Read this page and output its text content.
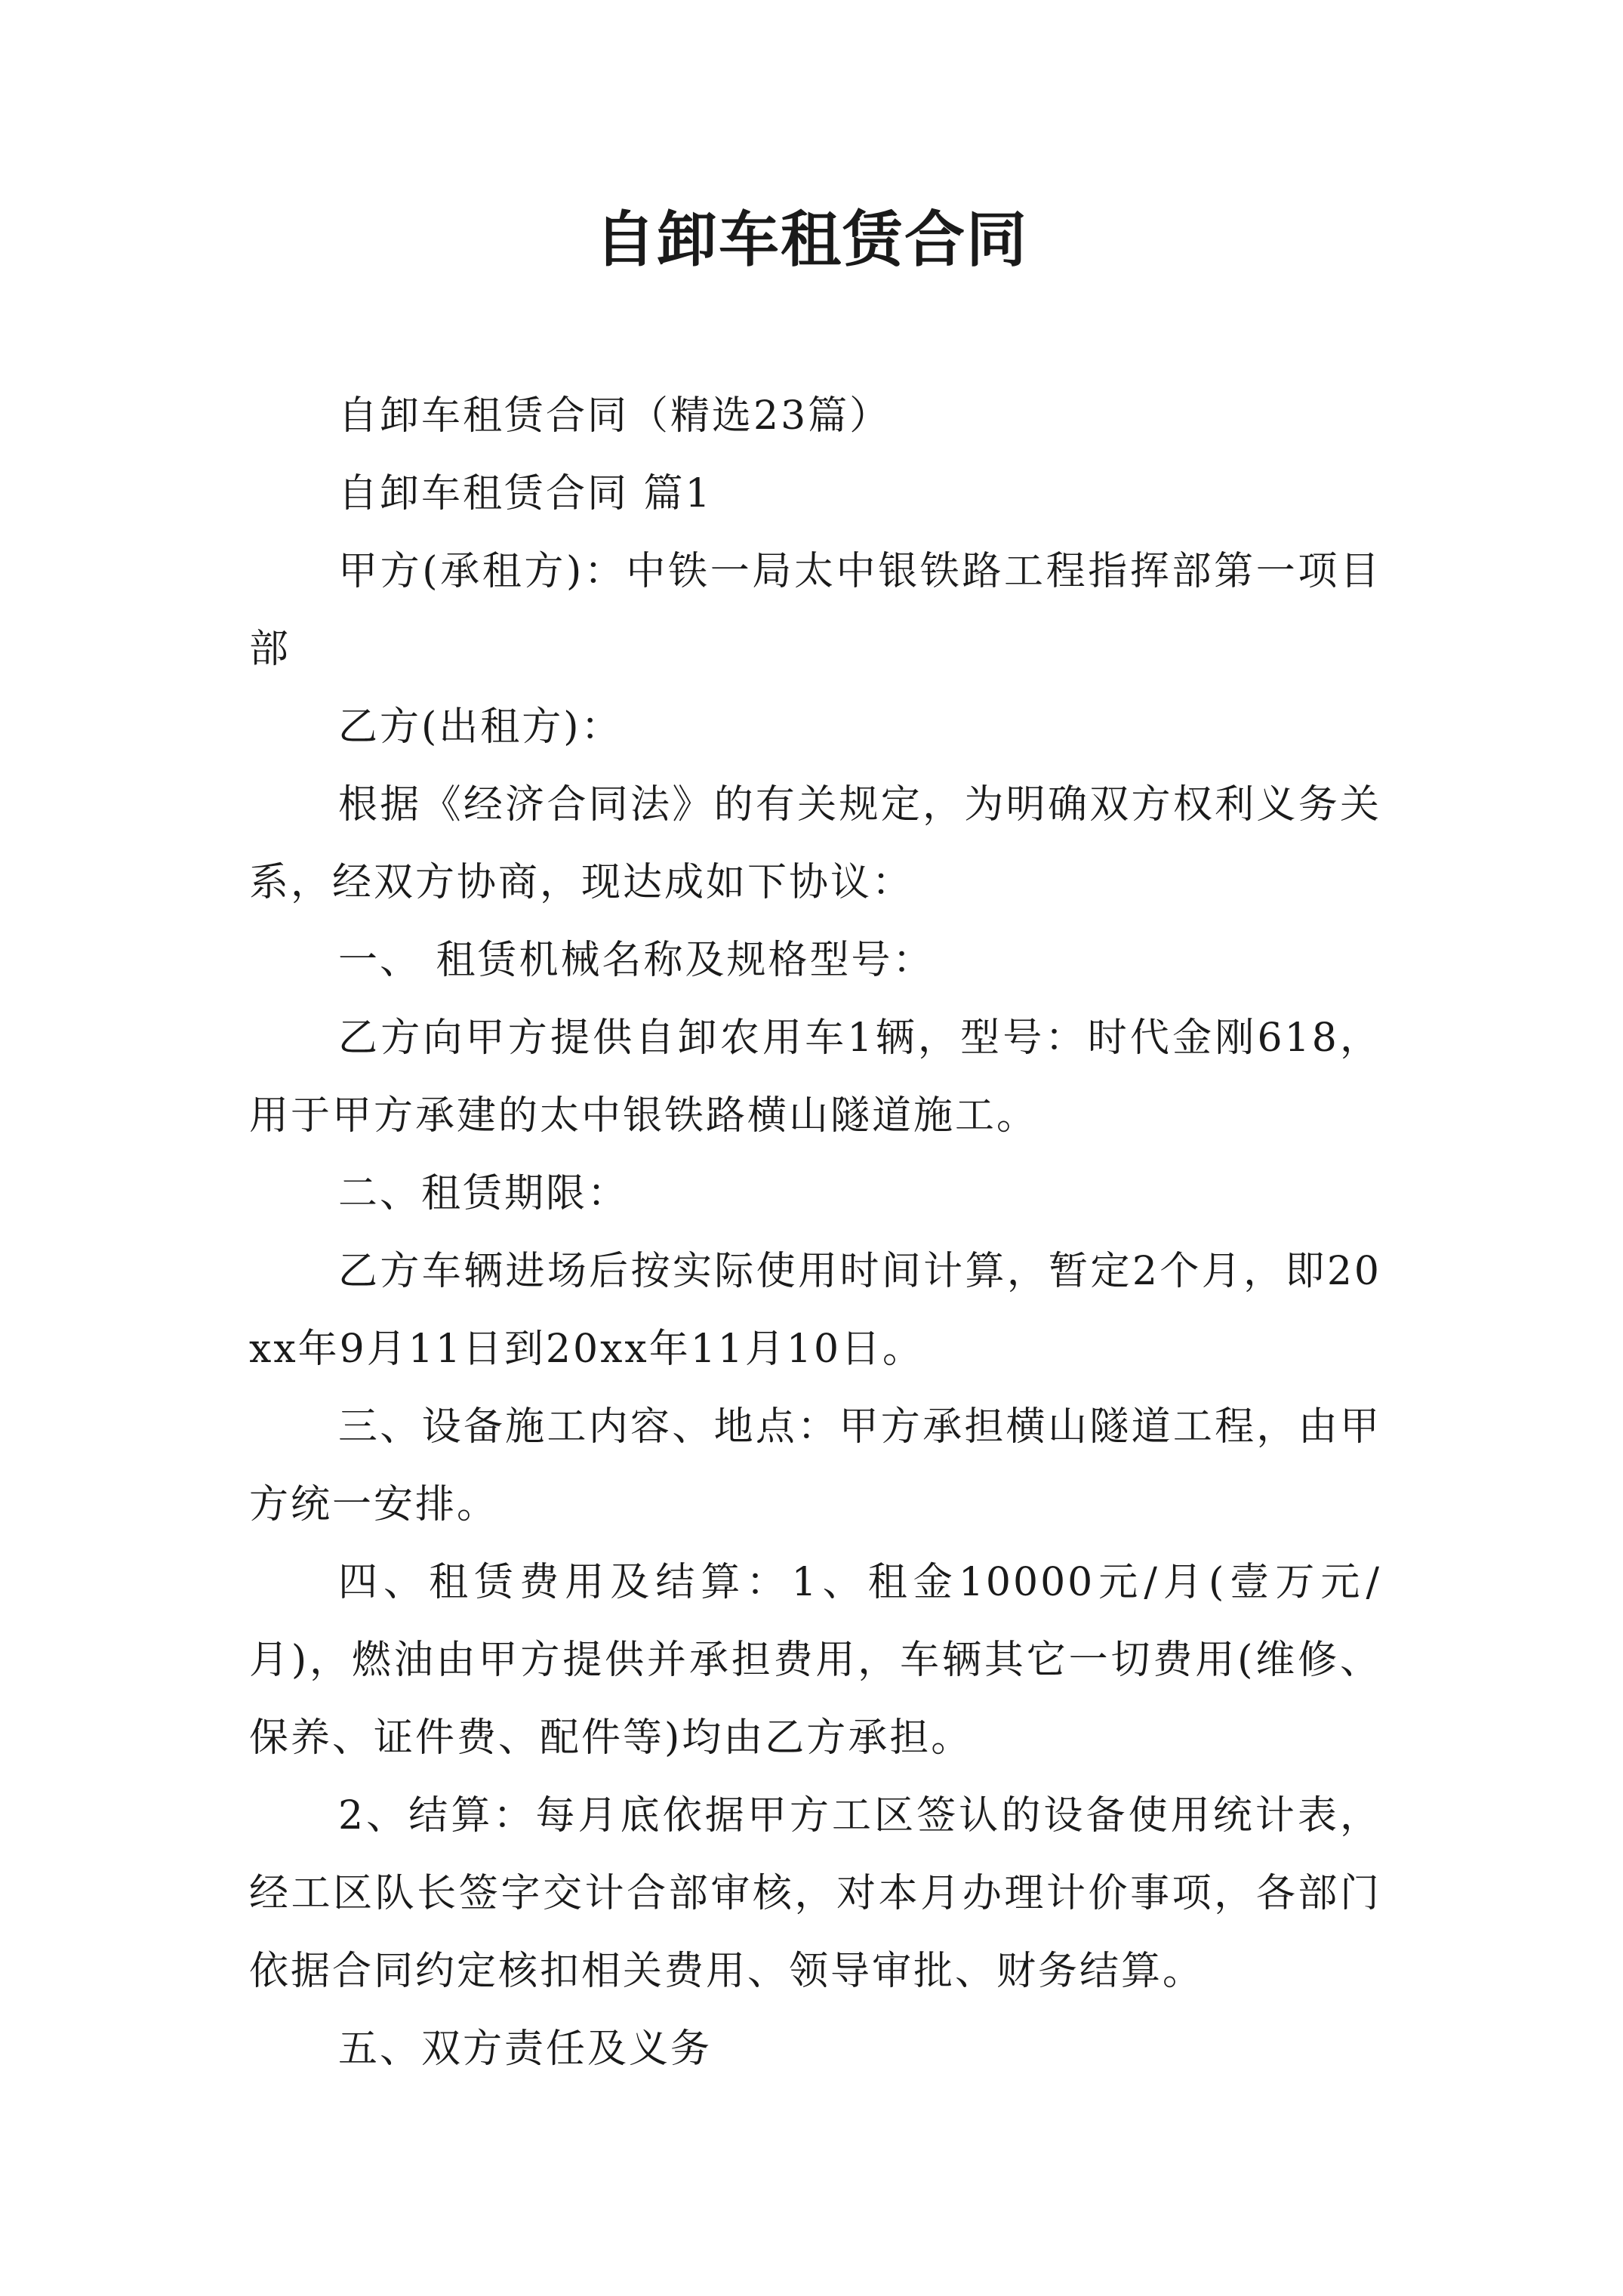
自卸车租赁合同

自卸车租赁合同（精选23篇）

自卸车租赁合同 篇1

甲方(承租方)：中铁一局太中银铁路工程指挥部第一项目部

乙方(出租方)：

根据《经济合同法》的有关规定，为明确双方权利义务关系，经双方协商，现达成如下协议：

一、 租赁机械名称及规格型号：

乙方向甲方提供自卸农用车1辆，型号：时代金刚618，用于甲方承建的太中银铁路横山隧道施工。

二、租赁期限：

乙方车辆进场后按实际使用时间计算，暂定2个月，即20xx年9月11日到20xx年11月10日。

三、设备施工内容、地点：甲方承担横山隧道工程，由甲方统一安排。

四、租赁费用及结算：1、租金10000元/月(壹万元/月)，燃油由甲方提供并承担费用，车辆其它一切费用(维修、保养、证件费、配件等)均由乙方承担。

2、结算：每月底依据甲方工区签认的设备使用统计表，经工区队长签字交计合部审核，对本月办理计价事项，各部门依据合同约定核扣相关费用、领导审批、财务结算。

五、双方责任及义务
